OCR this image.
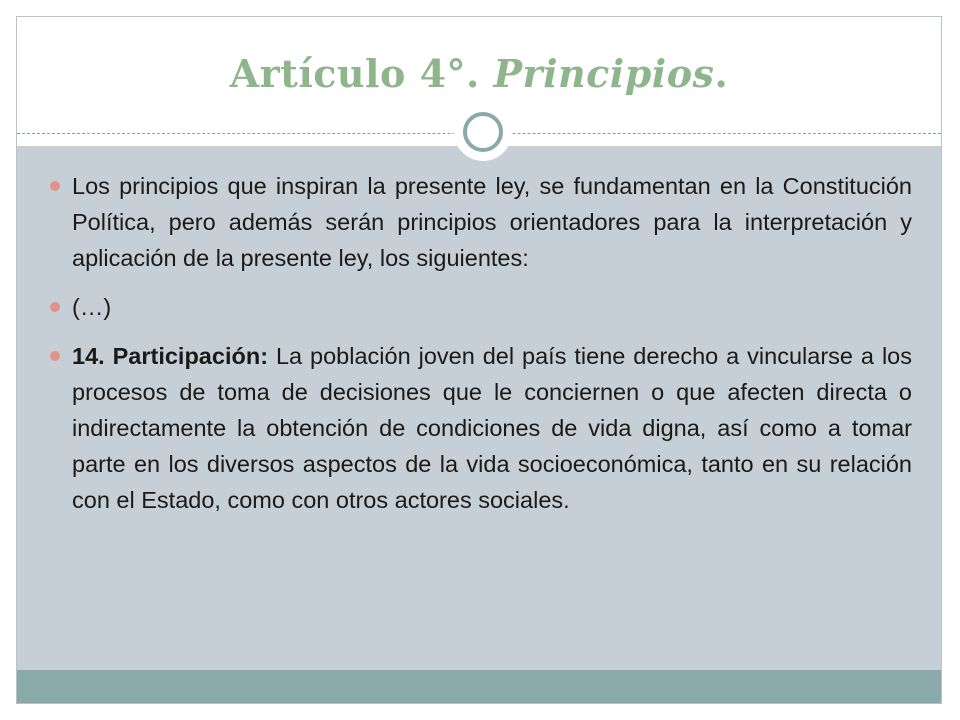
Artículo 4°. Principios.
Los principios que inspiran la presente ley, se fundamentan en la Constitución Política, pero además serán principios orientadores para la interpretación y aplicación de la presente ley, los siguientes:
(…)
14. Participación: La población joven del país tiene derecho a vincularse a los procesos de toma de decisiones que le conciernen o que afecten directa o indirectamente la obtención de condiciones de vida digna, así como a tomar parte en los diversos aspectos de la vida socioeconómica, tanto en su relación con el Estado, como con otros actores sociales.
